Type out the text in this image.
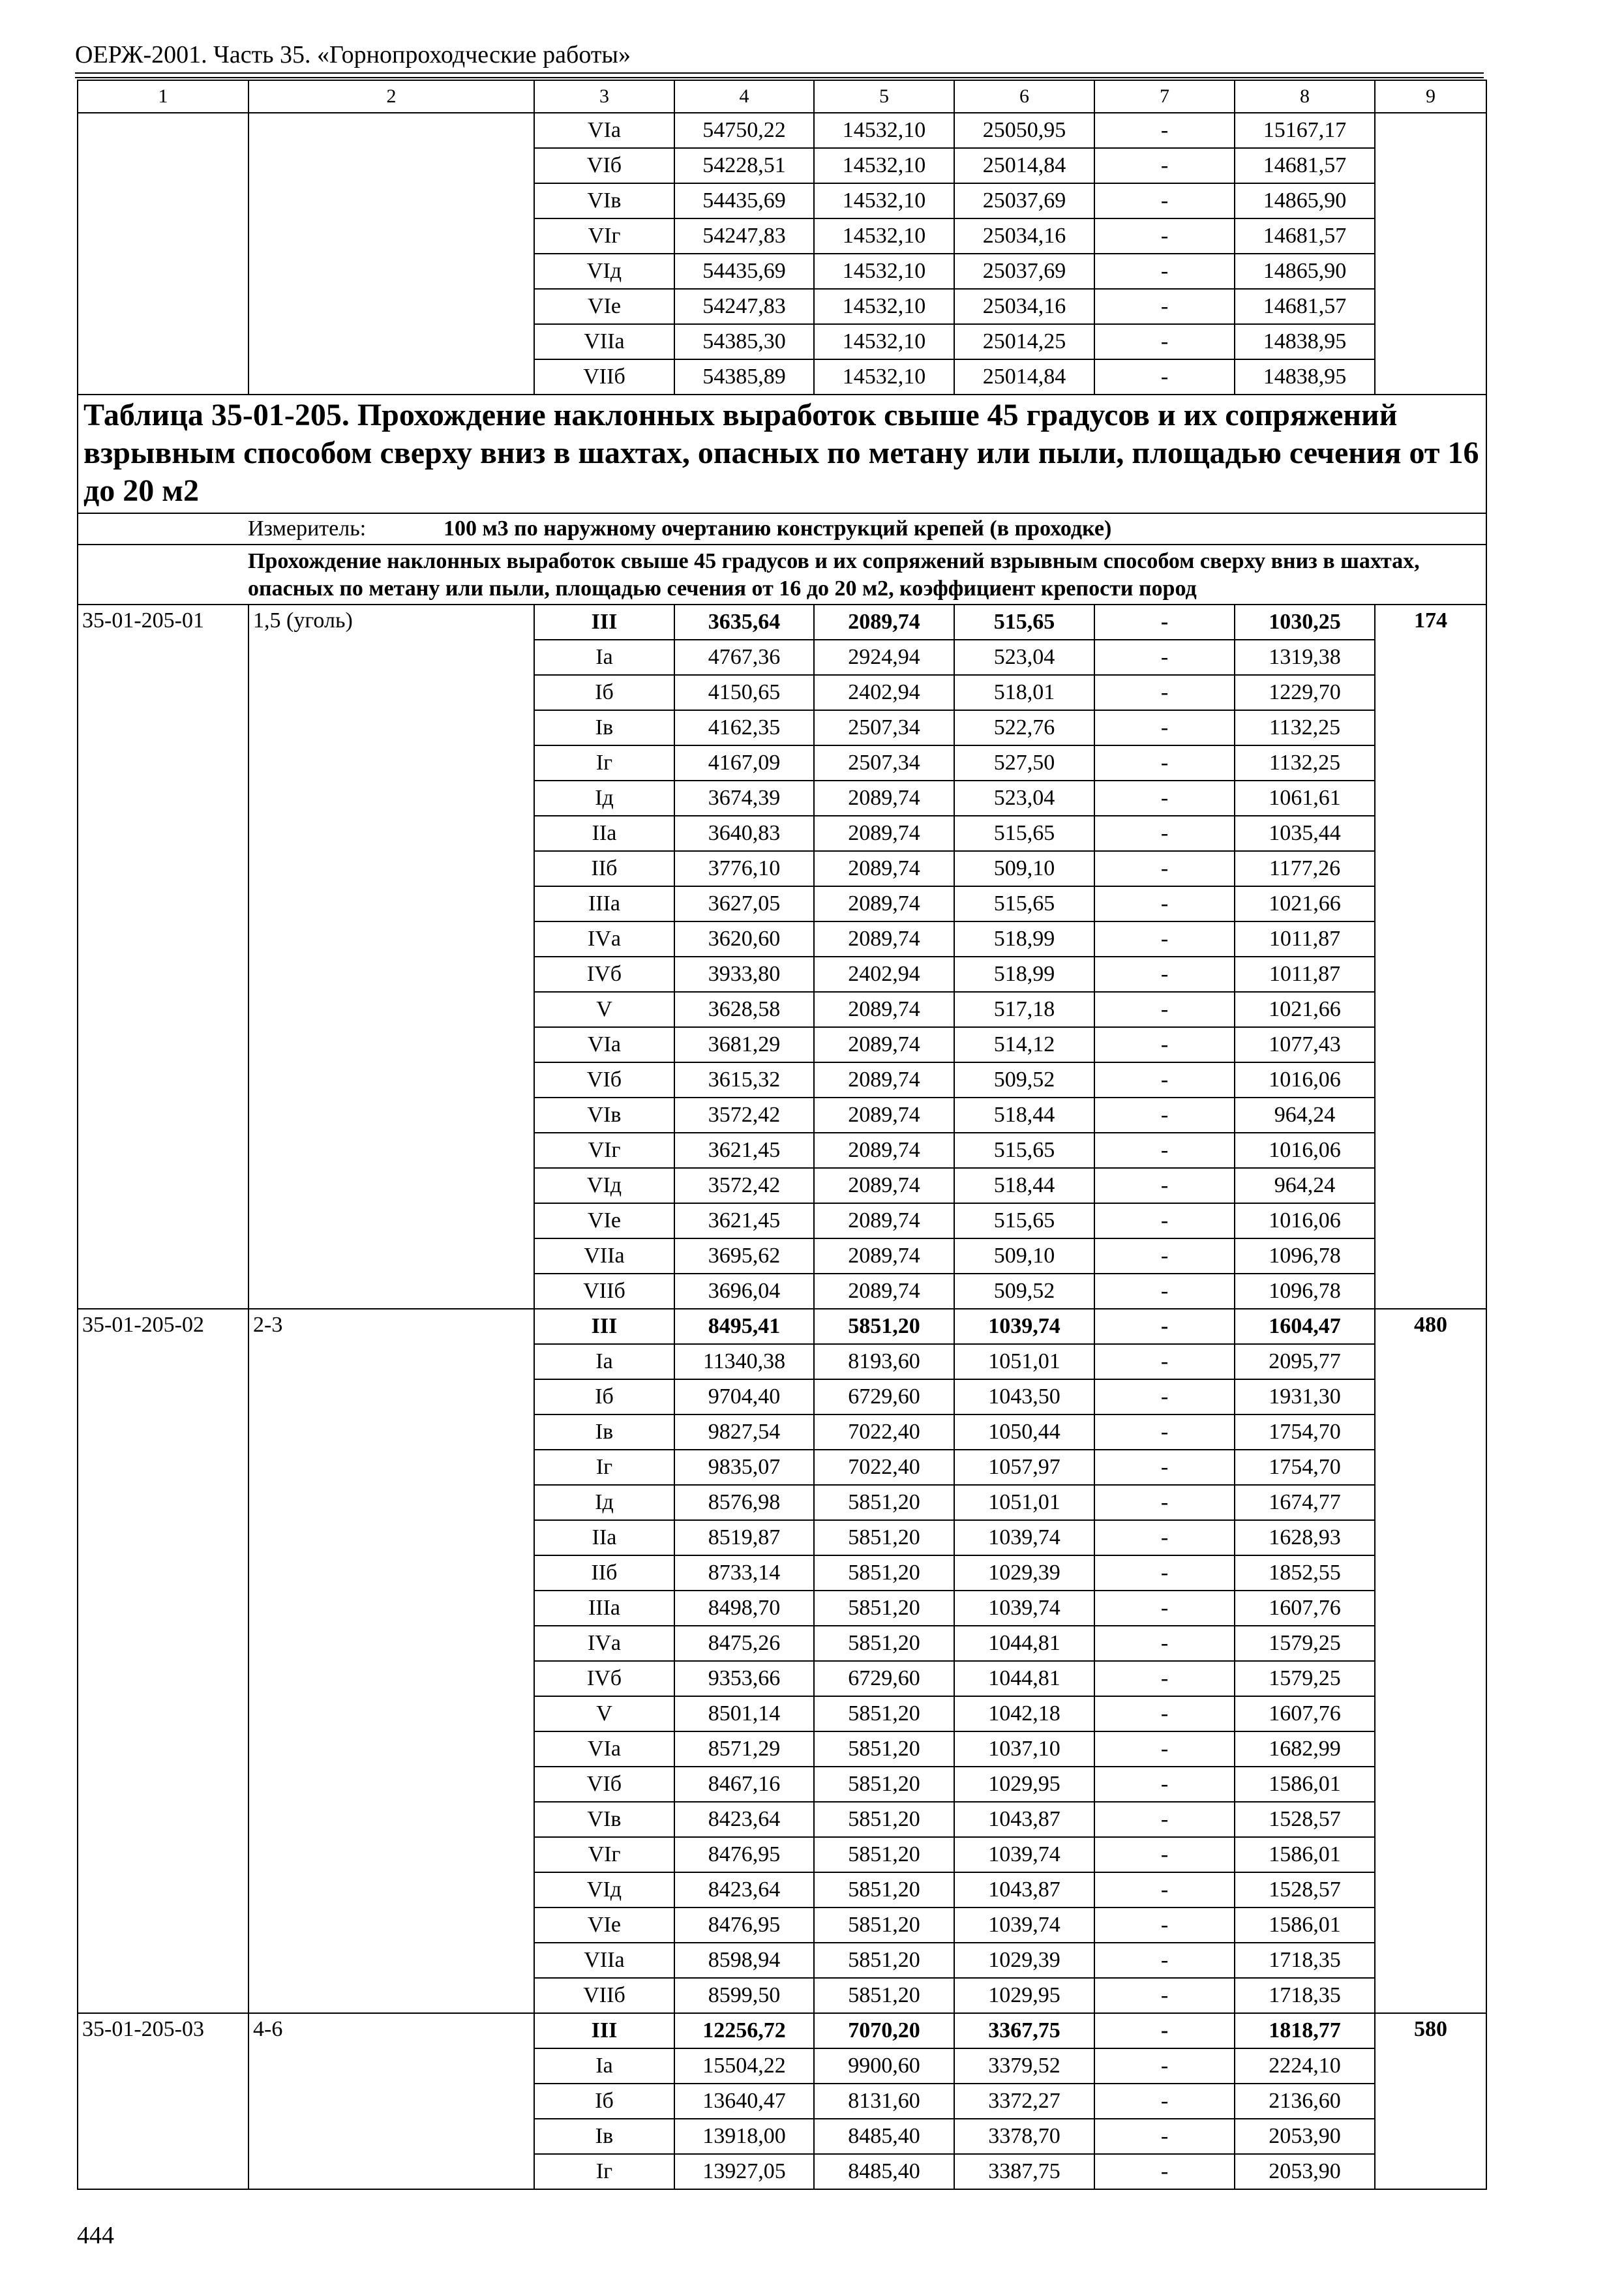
ОЕРЖ-2001. Часть 35. «Горнопроходческие работы»
1	2	3	4	5	6	7	8	9
		VIа	54750,22	14532,10	25050,95	-	15167,17	
		VIб	54228,51	14532,10	25014,84	-	14681,57	
		VIв	54435,69	14532,10	25037,69	-	14865,90	
		VIг	54247,83	14532,10	25034,16	-	14681,57	
		VIд	54435,69	14532,10	25037,69	-	14865,90	
		VIе	54247,83	14532,10	25034,16	-	14681,57	
		VIIа	54385,30	14532,10	25014,25	-	14838,95	
		VIIб	54385,89	14532,10	25014,84	-	14838,95	
Таблица 35-01-205. Прохождение наклонных выработок свыше 45 градусов и их сопряжений взрывным способом сверху вниз в шахтах, опасных по метану или пыли, площадью сечения от 16 до 20 м2								
Измеритель: 100 м3 по наружному очертанию конструкций крепей (в проходке)								
Прохождение наклонных выработок свыше 45 градусов и их сопряжений взрывным способом сверху вниз в шахтах, опасных по метану или пыли, площадью сечения от 16 до 20 м2, коэффициент крепости пород								
35-01-205-01	1,5 (уголь)	III	3635,64	2089,74	515,65	-	1030,25	174
		Iа	4767,36	2924,94	523,04	-	1319,38	
		Iб	4150,65	2402,94	518,01	-	1229,70	
		Iв	4162,35	2507,34	522,76	-	1132,25	
		Iг	4167,09	2507,34	527,50	-	1132,25	
		Iд	3674,39	2089,74	523,04	-	1061,61	
		IIа	3640,83	2089,74	515,65	-	1035,44	
		IIб	3776,10	2089,74	509,10	-	1177,26	
		IIIа	3627,05	2089,74	515,65	-	1021,66	
		IVа	3620,60	2089,74	518,99	-	1011,87	
		IVб	3933,80	2402,94	518,99	-	1011,87	
		V	3628,58	2089,74	517,18	-	1021,66	
		VIа	3681,29	2089,74	514,12	-	1077,43	
		VIб	3615,32	2089,74	509,52	-	1016,06	
		VIв	3572,42	2089,74	518,44	-	964,24	
		VIг	3621,45	2089,74	515,65	-	1016,06	
		VIд	3572,42	2089,74	518,44	-	964,24	
		VIе	3621,45	2089,74	515,65	-	1016,06	
		VIIа	3695,62	2089,74	509,10	-	1096,78	
		VIIб	3696,04	2089,74	509,52	-	1096,78	
35-01-205-02	2-3	III	8495,41	5851,20	1039,74	-	1604,47	480
		Iа	11340,38	8193,60	1051,01	-	2095,77	
		Iб	9704,40	6729,60	1043,50	-	1931,30	
		Iв	9827,54	7022,40	1050,44	-	1754,70	
		Iг	9835,07	7022,40	1057,97	-	1754,70	
		Iд	8576,98	5851,20	1051,01	-	1674,77	
		IIа	8519,87	5851,20	1039,74	-	1628,93	
		IIб	8733,14	5851,20	1029,39	-	1852,55	
		IIIа	8498,70	5851,20	1039,74	-	1607,76	
		IVа	8475,26	5851,20	1044,81	-	1579,25	
		IVб	9353,66	6729,60	1044,81	-	1579,25	
		V	8501,14	5851,20	1042,18	-	1607,76	
		VIа	8571,29	5851,20	1037,10	-	1682,99	
		VIб	8467,16	5851,20	1029,95	-	1586,01	
		VIв	8423,64	5851,20	1043,87	-	1528,57	
		VIг	8476,95	5851,20	1039,74	-	1586,01	
		VIд	8423,64	5851,20	1043,87	-	1528,57	
		VIе	8476,95	5851,20	1039,74	-	1586,01	
		VIIа	8598,94	5851,20	1029,39	-	1718,35	
		VIIб	8599,50	5851,20	1029,95	-	1718,35	
35-01-205-03	4-6	III	12256,72	7070,20	3367,75	-	1818,77	580
		Iа	15504,22	9900,60	3379,52	-	2224,10	
		Iб	13640,47	8131,60	3372,27	-	2136,60	
		Iв	13918,00	8485,40	3378,70	-	2053,90	
		Iг	13927,05	8485,40	3387,75	-	2053,90	
444
